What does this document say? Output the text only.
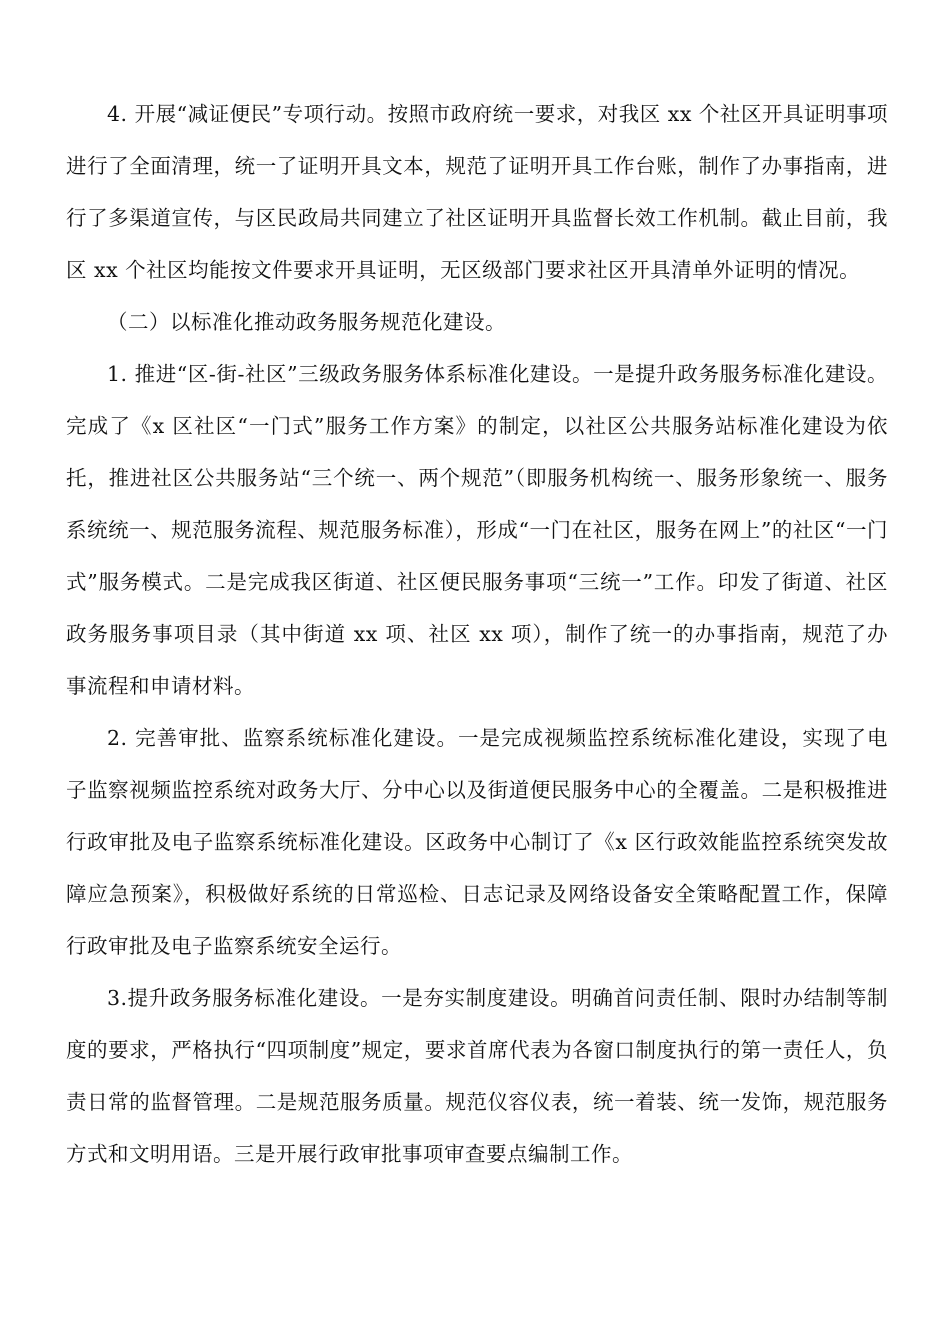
4. 开展“减证便民”专项行动。按照市政府统一要求，对我区 xx 个社区开具证明事项进行了全面清理，统一了证明开具文本，规范了证明开具工作台账，制作了办事指南，进行了多渠道宣传，与区民政局共同建立了社区证明开具监督长效工作机制。截止目前，我区 xx 个社区均能按文件要求开具证明，无区级部门要求社区开具清单外证明的情况。

（二）以标准化推动政务服务规范化建设。

1. 推进“区-街-社区”三级政务服务体系标准化建设。一是提升政务服务标准化建设。完成了《x 区社区“一门式”服务工作方案》的制定，以社区公共服务站标准化建设为依托，推进社区公共服务站“三个统一、两个规范”（即服务机构统一、服务形象统一、服务系统统一、规范服务流程、规范服务标准），形成“一门在社区，服务在网上”的社区“一门式”服务模式。二是完成我区街道、社区便民服务事项“三统一”工作。印发了街道、社区政务服务事项目录（其中街道 xx 项、社区 xx 项），制作了统一的办事指南，规范了办事流程和申请材料。

2. 完善审批、监察系统标准化建设。一是完成视频监控系统标准化建设，实现了电子监察视频监控系统对政务大厅、分中心以及街道便民服务中心的全覆盖。二是积极推进行政审批及电子监察系统标准化建设。区政务中心制订了《x 区行政效能监控系统突发故障应急预案》，积极做好系统的日常巡检、日志记录及网络设备安全策略配置工作，保障行政审批及电子监察系统安全运行。

3.提升政务服务标准化建设。一是夯实制度建设。明确首问责任制、限时办结制等制度的要求，严格执行“四项制度”规定，要求首席代表为各窗口制度执行的第一责任人，负责日常的监督管理。二是规范服务质量。规范仪容仪表，统一着装、统一发饰，规范服务方式和文明用语。三是开展行政审批事项审查要点编制工作。
